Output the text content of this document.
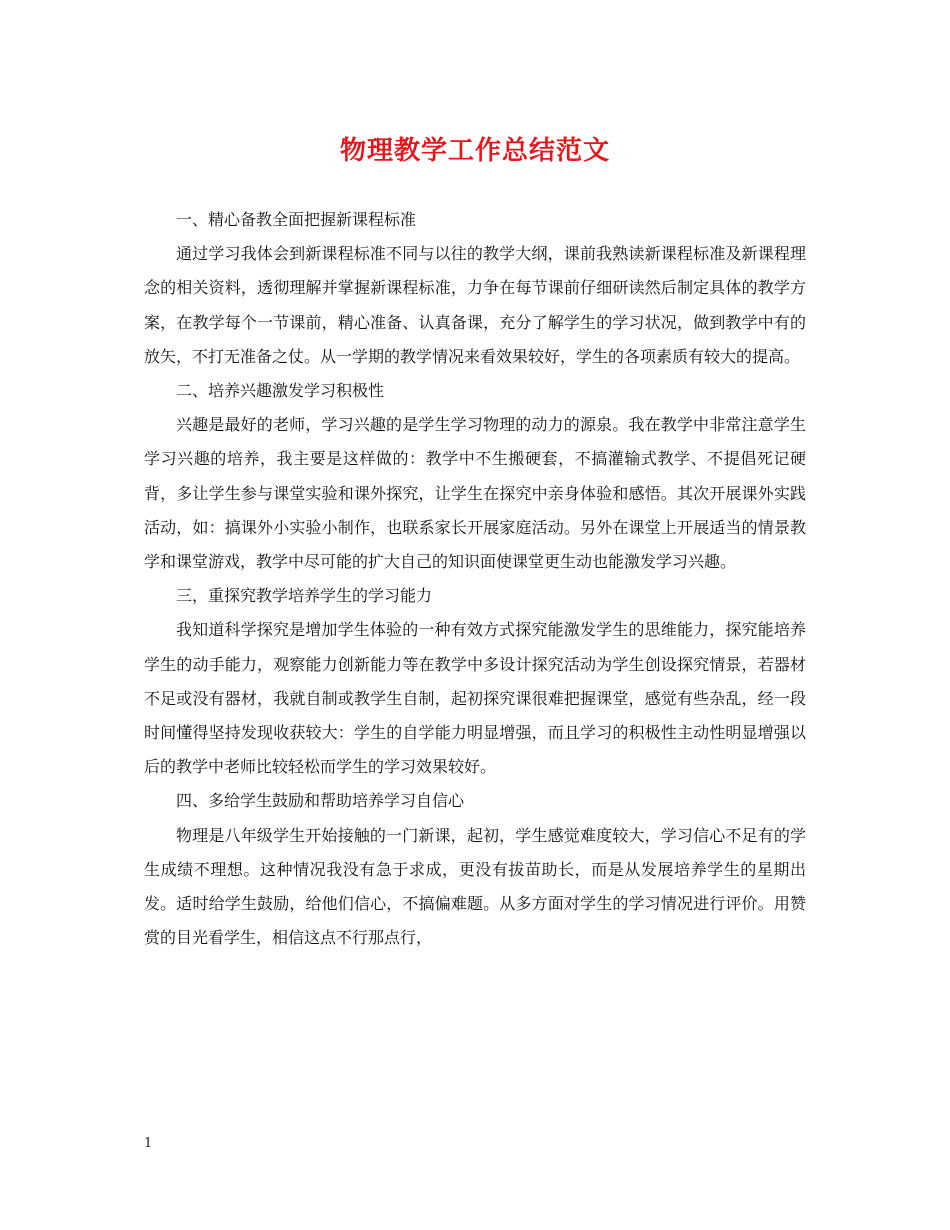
物理教学工作总结范文

一、精心备教全面把握新课程标准

通过学习我体会到新课程标准不同与以往的教学大纲，课前我熟读新课程标准及新课程理念的相关资料，透彻理解并掌握新课程标准，力争在每节课前仔细研读然后制定具体的教学方案，在教学每个一节课前，精心准备、认真备课，充分了解学生的学习状况，做到教学中有的放矢，不打无准备之仗。从一学期的教学情况来看效果较好，学生的各项素质有较大的提高。

二、培养兴趣激发学习积极性

兴趣是最好的老师，学习兴趣的是学生学习物理的动力的源泉。我在教学中非常注意学生学习兴趣的培养，我主要是这样做的：教学中不生搬硬套，不搞灌输式教学、不提倡死记硬背，多让学生参与课堂实验和课外探究，让学生在探究中亲身体验和感悟。其次开展课外实践活动，如：搞课外小实验小制作，也联系家长开展家庭活动。另外在课堂上开展适当的情景教学和课堂游戏，教学中尽可能的扩大自己的知识面使课堂更生动也能激发学习兴趣。

三，重探究教学培养学生的学习能力

我知道科学探究是增加学生体验的一种有效方式探究能激发学生的思维能力，探究能培养学生的动手能力，观察能力创新能力等在教学中多设计探究活动为学生创设探究情景，若器材不足或没有器材，我就自制或教学生自制，起初探究课很难把握课堂，感觉有些杂乱，经一段时间懂得坚持发现收获较大：学生的自学能力明显增强，而且学习的积极性主动性明显增强以后的教学中老师比较轻松而学生的学习效果较好。

四、多给学生鼓励和帮助培养学习自信心

物理是八年级学生开始接触的一门新课，起初，学生感觉难度较大，学习信心不足有的学生成绩不理想。这种情况我没有急于求成，更没有拔苗助长，而是从发展培养学生的星期出发。适时给学生鼓励，给他们信心，不搞偏难题。从多方面对学生的学习情况进行评价。用赞赏的目光看学生，相信这点不行那点行，

1
